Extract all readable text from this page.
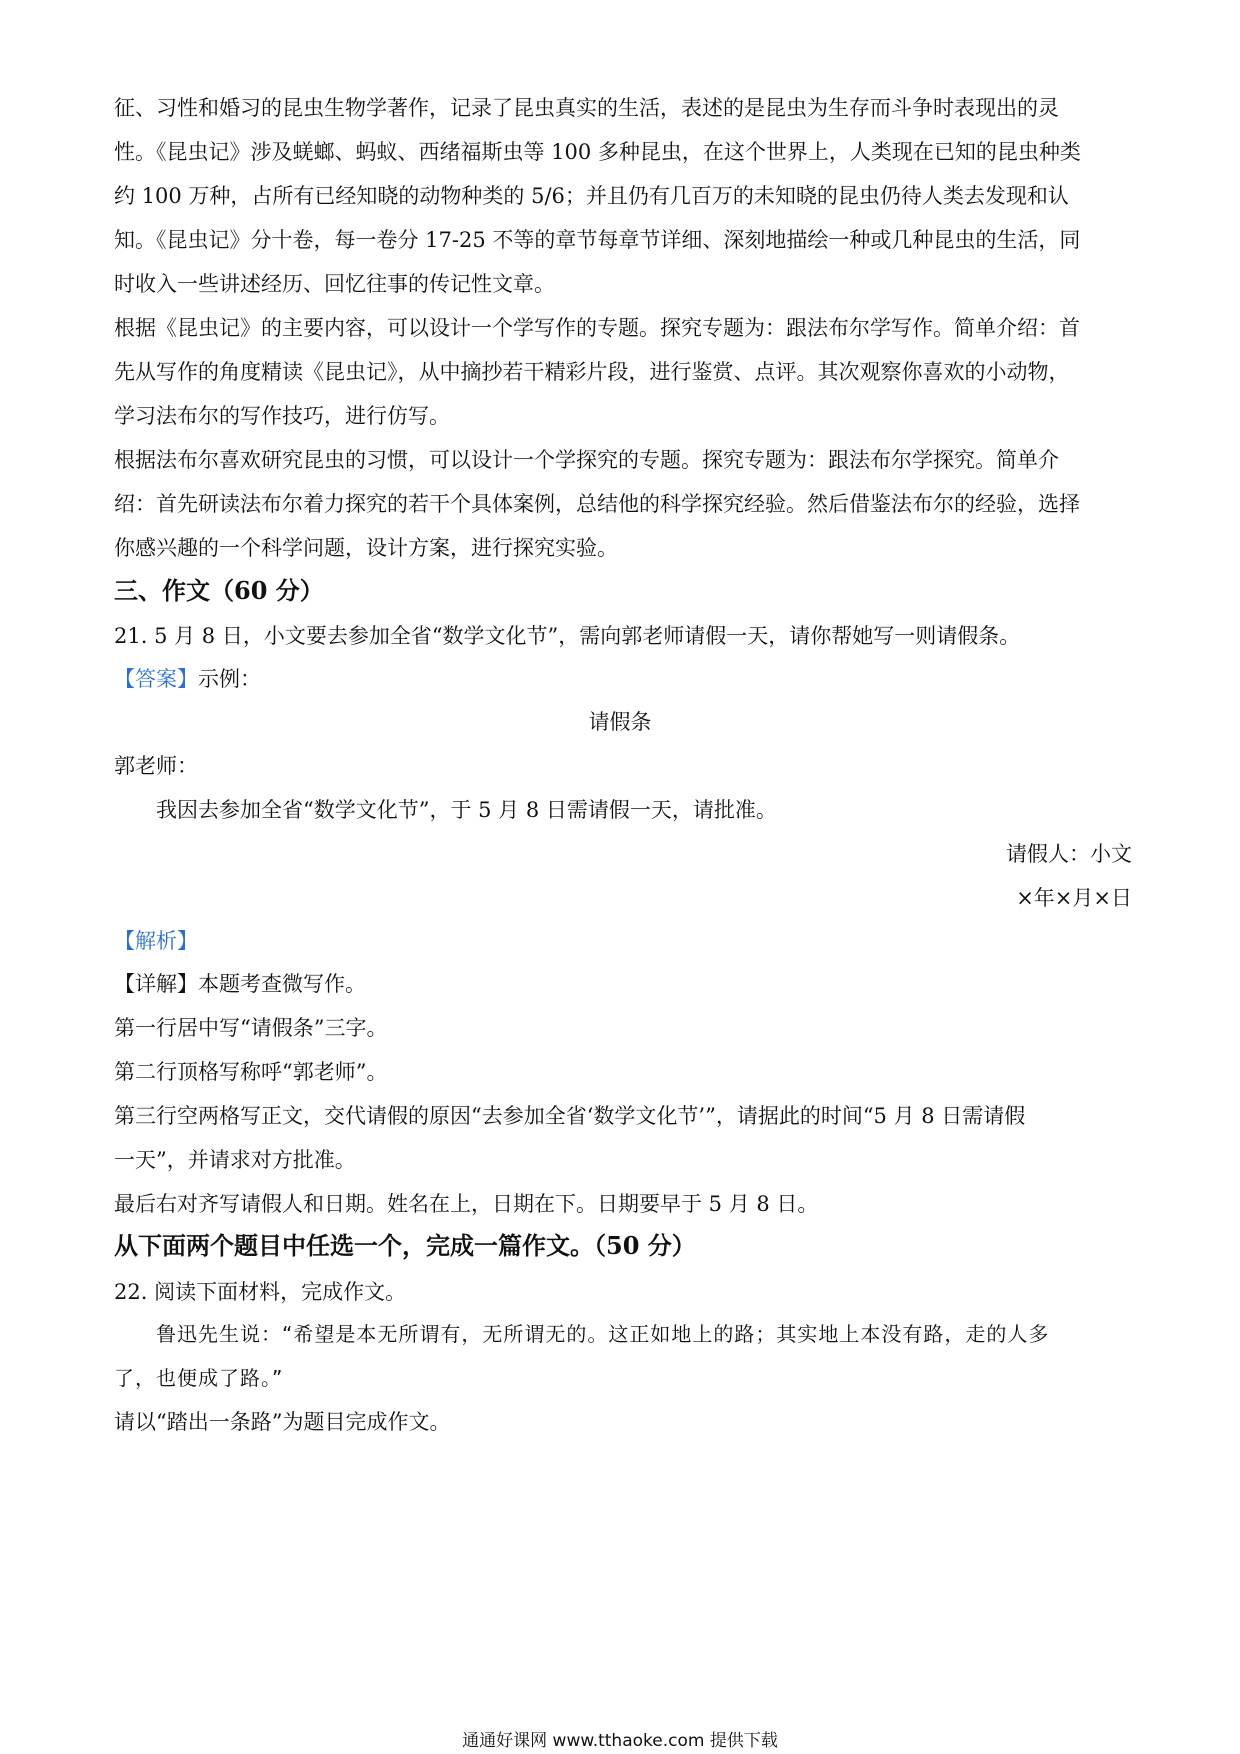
征、习性和婚习的昆虫生物学著作，记录了昆虫真实的生活，表述的是昆虫为生存而斗争时表现出的灵
性。《昆虫记》涉及蜣螂、蚂蚁、西绪福斯虫等 100 多种昆虫，在这个世界上，人类现在已知的昆虫种类
约 100 万种，占所有已经知晓的动物种类的 5/6；并且仍有几百万的未知晓的昆虫仍待人类去发现和认
知。《昆虫记》分十卷，每一卷分 17-25 不等的章节每章节详细、深刻地描绘一种或几种昆虫的生活，同
时收入一些讲述经历、回忆往事的传记性文章。
根据《昆虫记》的主要内容，可以设计一个学写作的专题。探究专题为：跟法布尔学写作。简单介绍：首
先从写作的角度精读《昆虫记》，从中摘抄若干精彩片段，进行鉴赏、点评。其次观察你喜欢的小动物，
学习法布尔的写作技巧，进行仿写。
根据法布尔喜欢研究昆虫的习惯，可以设计一个学探究的专题。探究专题为：跟法布尔学探究。简单介
绍：首先研读法布尔着力探究的若干个具体案例，总结他的科学探究经验。然后借鉴法布尔的经验，选择
你感兴趣的一个科学问题，设计方案，进行探究实验。
三、作文（60 分）
21. 5 月 8 日，小文要去参加全省“数学文化节”，需向郭老师请假一天，请你帮她写一则请假条。
【答案】示例：
请假条
郭老师：
我因去参加全省“数学文化节”，于 5 月 8 日需请假一天，请批准。
请假人：小文
×年×月×日
【解析】
【详解】本题考查微写作。
第一行居中写“请假条”三字。
第二行顶格写称呼“郭老师”。
第三行空两格写正文，交代请假的原因“去参加全省‘数学文化节’”，请据此的时间“5 月 8 日需请假
一天”，并请求对方批准。
最后右对齐写请假人和日期。姓名在上，日期在下。日期要早于 5 月 8 日。
从下面两个题目中任选一个，完成一篇作文。（50 分）
22. 阅读下面材料，完成作文。
鲁迅先生说：“希望是本无所谓有，无所谓无的。这正如地上的路；其实地上本没有路，走的人多
了，也便成了路。”
请以“踏出一条路”为题目完成作文。
通通好课网 www.tthaoke.com 提供下载
